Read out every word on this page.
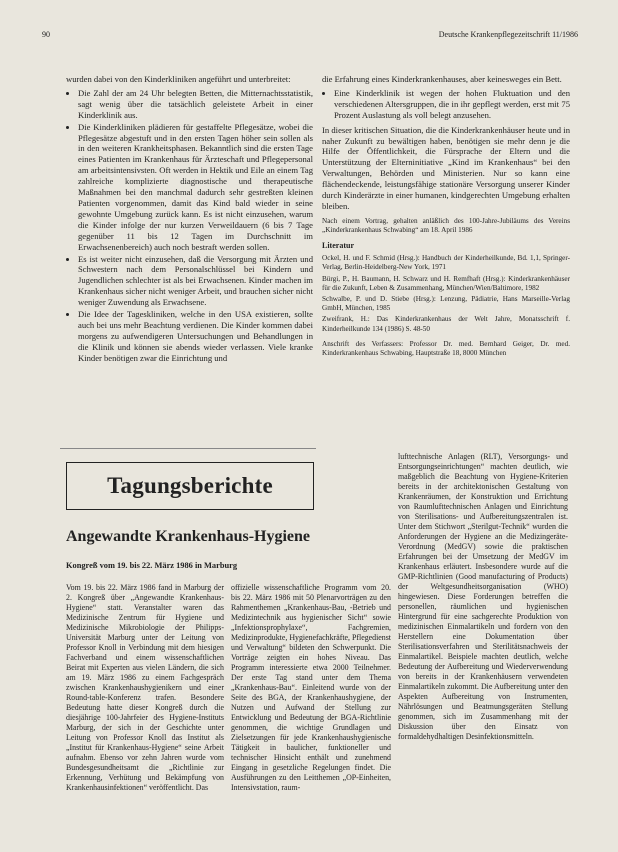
90	Deutsche Krankenpflegezeitschrift 11/1986

wurden dabei von den Kinderkliniken angeführt und unterbreitet:

• Die Zahl der am 24 Uhr belegten Betten, die Mitternachtsstatistik, sagt wenig über die tatsächlich geleistete Arbeit in einer Kinderklinik aus.
• Die Kinderkliniken plädieren für gestaffelte Pflegesätze, wobei die Pflegesätze abgestuft und in den ersten Tagen höher sein sollen als in den weiteren Krankheitsphasen. Bekanntlich sind die ersten Tage eines Patienten im Krankenhaus für Ärzteschaft und Pflegepersonal am arbeitsintensivsten. Oft werden in Hektik und Eile an einem Tag zahlreiche komplizierte diagnostische und therapeutische Maßnahmen bei den manchmal dadurch sehr gestreßten kleinen Patienten vorgenommen, damit das Kind bald wieder in seine gewohnte Umgebung zurück kann. Es ist nicht einzusehen, warum die Kinder infolge der nur kurzen Verweildauern (6 bis 7 Tage gegenüber 11 bis 12 Tagen im Durchschnitt im Erwachsenenbereich) auch noch bestraft werden sollen.
• Es ist weiter nicht einzusehen, daß die Versorgung mit Ärzten und Schwestern nach dem Personalschlüssel bei Kindern und Jugendlichen schlechter ist als bei Erwachsenen. Kinder machen im Krankenhaus sicher nicht weniger Arbeit, und brauchen sicher nicht weniger Zuwendung als Erwachsene.
• Die Idee der Tageskliniken, welche in den USA existieren, sollte auch bei uns mehr Beachtung verdienen. Die Kinder kommen dabei morgens zu aufwendigeren Untersuchungen und Behandlungen in die Klinik und können sie abends wieder verlassen. Viele kranke Kinder benötigen zwar die Einrichtung und

die Erfahrung eines Kinderkrankenhauses, aber keinesweges ein Bett.

• Eine Kinderklinik ist wegen der hohen Fluktuation und den verschiedenen Altersgruppen, die in ihr gepflegt werden, erst mit 75 Prozent Auslastung als voll belegt anzusehen.

In dieser kritischen Situation, die die Kinderkrankenhäuser heute und in naher Zukunft zu bewältigen haben, benötigen sie mehr denn je die Hilfe der Öffentlichkeit, die Fürsprache der Eltern und die Unterstützung der Elterninitiative „Kind im Krankenhaus“ bei den Verwaltungen, Behörden und Ministerien. Nur so kann eine flächendeckende, leistungsfähige stationäre Versorgung unserer Kinder durch Kinderärzte in einer humanen, kindgerechten Umgebung erhalten bleiben.

Nach einem Vortrag, gehalten anläßlich des 100-Jahre-Jubiläums des Vereins „Kinderkrankenhaus Schwabing“ am 18. April 1986
Literatur

Ockel, H. und F. Schmid (Hrsg.): Handbuch der Kinderheilkunde, Bd. 1,1, Springer-Verlag, Berlin-Heidelberg-New York, 1971

Bürgi, P., H. Baumann, H. Schwarz und H. Remfhaft (Hrsg.): Kinderkrankenhäuser für die Zukunft, Leben & Zusammenhang, München/Wien/Baltimore, 1982

Schwalbe, P. und D. Stiebe (Hrsg.): Lenzung, Pädiatrie, Hans Marseille-Verlag GmbH, München, 1985

Zweifrank, H.: Das Kinderkrankenhaus der Welt Jahre, Monatsschrift f. Kinderheilkunde 134 (1986) S. 48-50

Anschrift des Verfassers: Professor Dr. med. Bernhard Geiger, Dr. med. Kinderkrankenhaus Schwabing, Hauptstraße 18, 8000 München
Tagungsberichte
Angewandte Krankenhaus-Hygiene
Kongreß vom 19. bis 22. März 1986 in Marburg
Vom 19. bis 22. März 1986 fand in Marburg der 2. Kongreß über „Angewandte Krankenhaus-Hygiene“ statt. Veranstalter waren das Medizinische Zentrum für Hygiene und Medizinische Mikrobiologie der Philipps-Universität Marburg unter der Leitung von Professor Knoll in Verbindung mit dem hiesigen Fachverband und einem wissenschaftlichen Beirat mit Experten aus vielen Ländern, die sich am 19. März 1986 zu einem Fachgespräch zwischen Krankenhaushygienikern und einer Round-table-Konferenz trafen. Besondere Bedeutung hatte dieser Kongreß durch die diesjährige 100-Jahrfeier des Hygiene-Instituts Marburg, der sich in der Geschichte unter Leitung von Professor Knoll das Institut als „Institut für Krankenhaus-Hygiene“ seine Arbeit aufnahm. Ebenso vor zehn Jahren wurde vom Bundesgesundheitsamt die „Richtlinie zur Erkennung, Verhütung und Bekämpfung von Krankenhausinfektionen“ veröffentlicht. Das
offizielle wissenschaftliche Programm vom 20. bis 22. März 1986 mit 50 Plenarvorträgen zu den Rahmenthemen „Krankenhaus-Bau, -Betrieb und Medizintechnik aus hygienischer Sicht“ sowie „Infektionsprophylaxe“, Fachgremien, Medizinprodukte, Hygienefachkräfte, Pflegedienst und Verwaltung“ bildeten den Schwerpunkt. Die Vorträge zeigten ein hohes Niveau. Das Programm interessierte etwa 2000 Teilnehmer. Der erste Tag stand unter dem Thema „Krankenhaus-Bau“. Einleitend wurde von der Seite des BGA, der Krankenhaushygiene, der Nutzen und Aufwand der Stellung zur Entwicklung und Bedeutung der BGA-Richtlinie genommen, die wichtige Grundlagen und Zielsetzungen für jede Krankenhaushygienische Tätigkeit in baulicher, funktioneller und technischer Hinsicht enthält und zunehmend Eingang in gesetzliche Regelungen findet. Die Ausführungen zu den Leitthemen „OP-Einheiten, Intensivstation, raum-
lufttechnische Anlagen (RLT), Versorgungs- und Entsorgungseinrichtungen“ machten deutlich, wie maßgeblich die Beachtung von Hygiene-Kriterien bereits in der architektonischen Gestaltung von Krankenräumen, der Konstruktion und Errichtung von Raumlufttechnischen Anlagen und Einrichtung von Sterilisations- und Aufbereitungszentralen ist. Unter dem Stichwort „Sterilgut-Technik“ wurden die Anforderungen der Hygiene an die Medizingeräte-Verordnung (MedGV) sowie die praktischen Erfahrungen bei der Umsetzung der MedGV im Krankenhaus erläutert. Insbesondere wurde auf die GMP-Richtlinien (Good manufacturing of Products) der Weltgesundheitsorganisation (WHO) hingewiesen. Diese Forderungen betreffen die personellen, räumlichen und hygienischen Hintergrund für eine sachgerechte Produktion von medizinischen Einmalartikeln und fordern von den Herstellern eine Dokumentation über Sterilisationsverfahren und Sterilitätsnachweis der Einmalartikel. Beispiele machten deutlich, welche Bedeutung der Aufbereitung und Wiederverwendung von bereits in der Krankenhäusern verwendeten Einmalartikeln zukommt. Die Aufbereitung unter den Aspekten Aufbereitung von Instrumenten, Nährlösungen und Beatmungsgeräten Stellung genommen, sich im Zusammenhang mit der Diskussion über den Einsatz von formaldehydhaltigen Desinfektionsmitteln.
